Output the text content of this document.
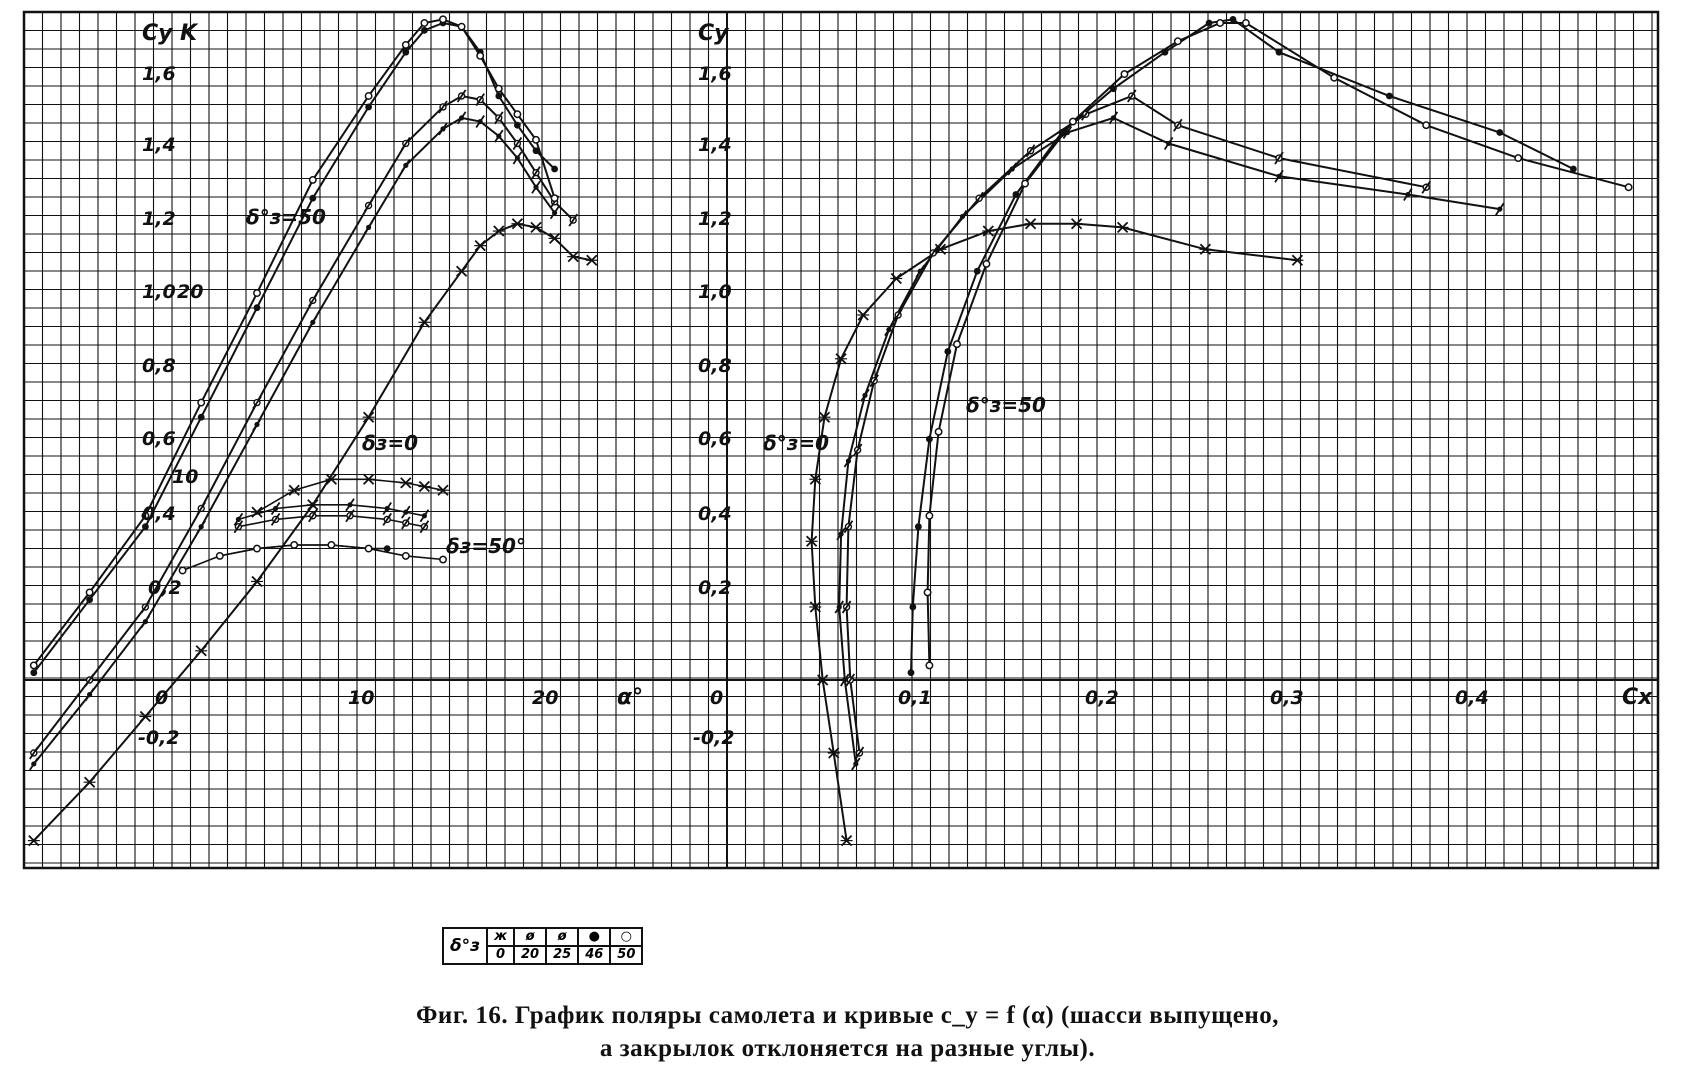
Cy K
1,6
1,4
1,2
1,0 20
0,8
0,6
10
0,4
0,2
0
-0,2
10	20	α°
δ°з=50
δз=0
δз=50°
Cy
1,6
1,4
1,2
1,0
0,8
0,6
0,4
0,2
0
-0,2
0,1	0,2	0,3	0,4	Cx
δ°з=0
δ°з=50
δ°з	ж	ø	ø	●	○
	0	20	25	46	50
Фиг. 16. График поляры самолета и кривые c_y = f (α) (шасси выпущено,
а закрылок отклоняется на разные углы).
